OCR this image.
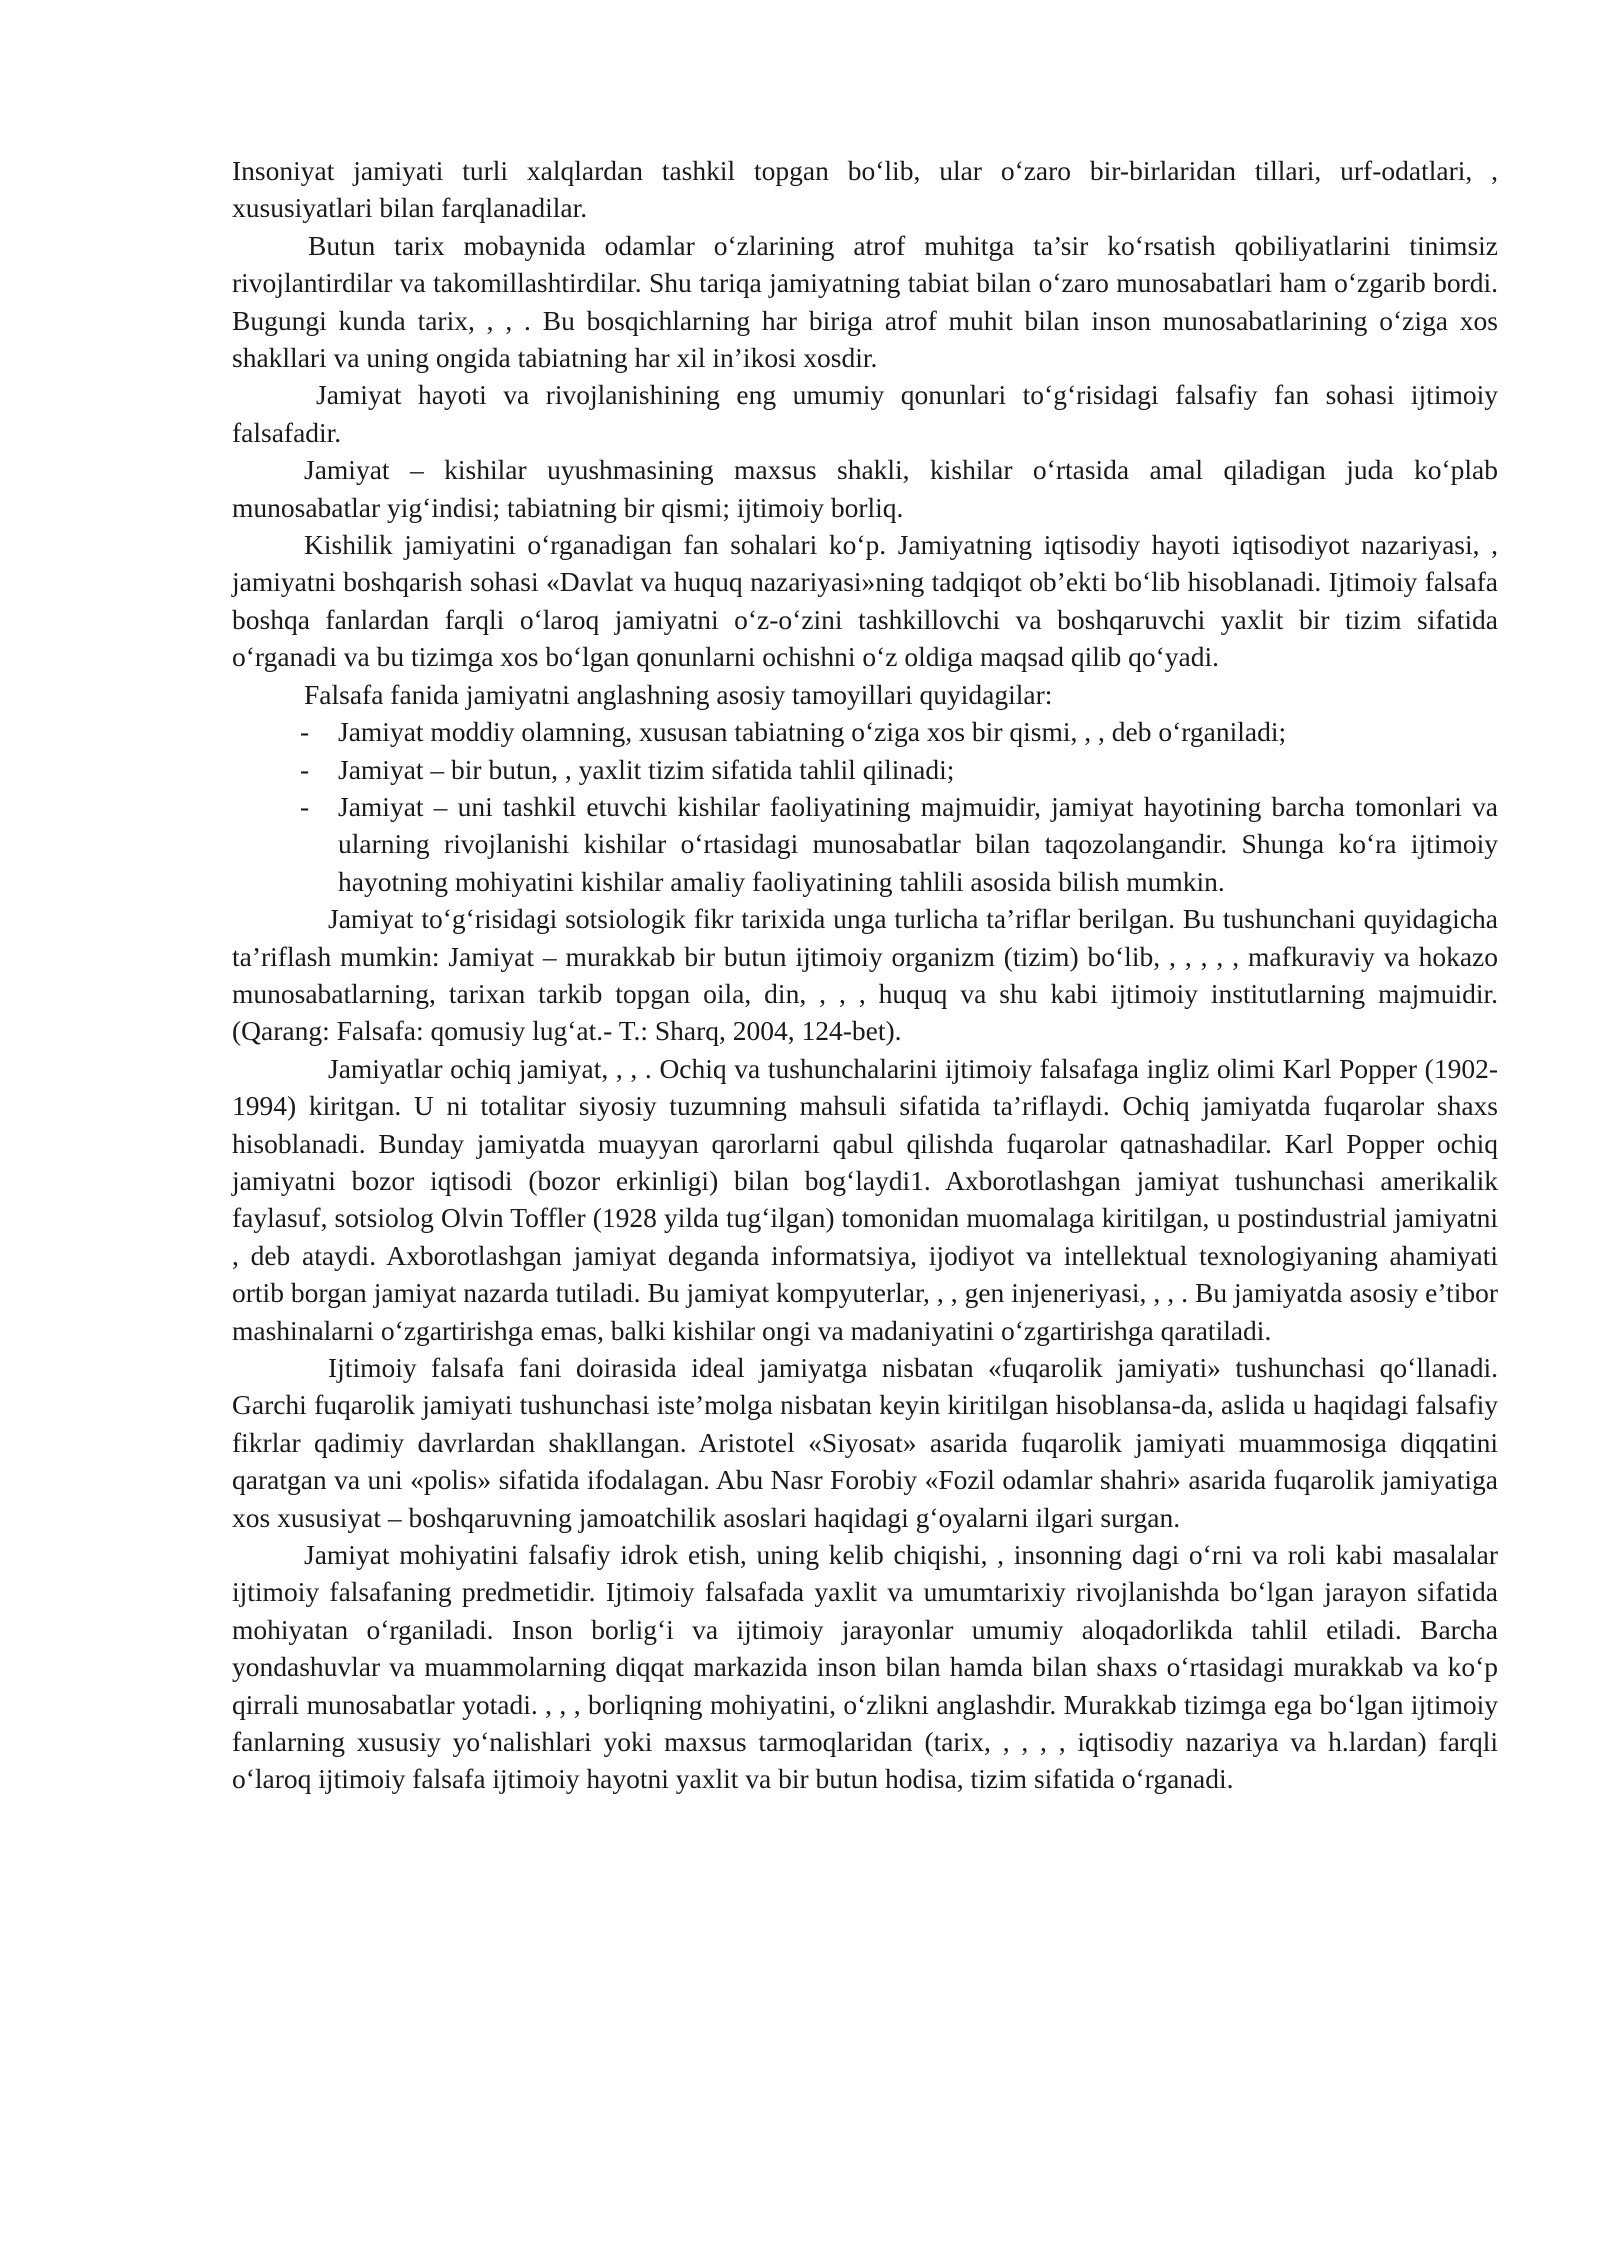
Insoniyat jamiyati turli xalqlardan tashkil topgan bo‘lib, ular o‘zaro bir-birlaridan tillari, urf-odatlari, , xususiyatlari bilan farqlanadilar.

Butun tarix mobaynida odamlar o‘zlarining atrof muhitga ta’sir ko‘rsatish qobiliyatlarini tinimsiz rivojlantirdilar va takomillashtirdilar. Shu tariqa jamiyatning tabiat bilan o‘zaro munosabatlari ham o‘zgarib bordi. Bugungi kunda tarix, , , . Bu bosqichlarning har biriga atrof muhit bilan inson munosabatlarining o‘ziga xos shakllari va uning ongida tabiatning har xil in’ikosi xosdir.

Jamiyat hayoti va rivojlanishining eng umumiy qonunlari to‘g‘risidagi falsafiy fan sohasi ijtimoiy falsafadir.

Jamiyat – kishilar uyushmasining maxsus shakli, kishilar o‘rtasida amal qiladigan juda ko‘plab munosabatlar yig‘indisi; tabiatning bir qismi; ijtimoiy borliq.

Kishilik jamiyatini o‘rganadigan fan sohalari ko‘p. Jamiyatning iqtisodiy hayoti iqtisodiyot nazariyasi, , jamiyatni boshqarish sohasi «Davlat va huquq nazariyasi»ning tadqiqot ob’ekti bo‘lib hisoblanadi. Ijtimoiy falsafa boshqa fanlardan farqli o‘laroq jamiyatni o‘z-o‘zini tashkillovchi va boshqaruvchi yaxlit bir tizim sifatida o‘rganadi va bu tizimga xos bo‘lgan qonunlarni ochishni o‘z oldiga maqsad qilib qo‘yadi.

Falsafa fanida jamiyatni anglashning asosiy tamoyillari quyidagilar:

- Jamiyat moddiy olamning, xususan tabiatning o‘ziga xos bir qismi, , , deb o‘rganiladi;
- Jamiyat – bir butun, , yaxlit tizim sifatida tahlil qilinadi;
- Jamiyat – uni tashkil etuvchi kishilar faoliyatining majmuidir, jamiyat hayotining barcha tomonlari va ularning rivojlanishi kishilar o‘rtasidagi munosabatlar bilan taqozolangandir. Shunga ko‘ra ijtimoiy hayotning mohiyatini kishilar amaliy faoliyatining tahlili asosida bilish mumkin.

Jamiyat to‘g‘risidagi sotsiologik fikr tarixida unga turlicha ta’riflar berilgan. Bu tushunchani quyidagicha ta’riflash mumkin: Jamiyat – murakkab bir butun ijtimoiy organizm (tizim) bo‘lib, , , , , , mafkuraviy va hokazo munosabatlarning, tarixan tarkib topgan oila, din, , , , huquq va shu kabi ijtimoiy institutlarning majmuidir.(Qarang: Falsafa: qomusiy lug‘at.- T.: Sharq, 2004, 124-bet).

Jamiyatlar ochiq jamiyat, , , . Ochiq va tushunchalarini ijtimoiy falsafaga ingliz olimi Karl Popper (1902-1994) kiritgan. U ni totalitar siyosiy tuzumning mahsuli sifatida ta’riflaydi. Ochiq jamiyatda fuqarolar shaxs hisoblanadi. Bunday jamiyatda muayyan qarorlarni qabul qilishda fuqarolar qatnashadilar. Karl Popper ochiq jamiyatni bozor iqtisodi (bozor erkinligi) bilan bog‘laydi1. Axborotlashgan jamiyat tushunchasi amerikalik faylasuf, sotsiolog Olvin Toffler (1928 yilda tug‘ilgan) tomonidan muomalaga kiritilgan, u postindustrial jamiyatni , deb ataydi. Axborotlashgan jamiyat deganda informatsiya, ijodiyot va intellektual texnologiyaning ahamiyati ortib borgan jamiyat nazarda tutiladi. Bu jamiyat kompyuterlar, , , gen injeneriyasi, , , . Bu jamiyatda asosiy e’tibor mashinalarni o‘zgartirishga emas, balki kishilar ongi va madaniyatini o‘zgartirishga qaratiladi.

Ijtimoiy falsafa fani doirasida ideal jamiyatga nisbatan «fuqarolik jamiyati» tushunchasi qo‘llanadi. Garchi fuqarolik jamiyati tushunchasi iste’molga nisbatan keyin kiritilgan hisoblansa-da, aslida u haqidagi falsafiy fikrlar qadimiy davrlardan shakllangan. Aristotel «Siyosat» asarida fuqarolik jamiyati muammosiga diqqatini qaratgan va uni «polis» sifatida ifodalagan. Abu Nasr Forobiy «Fozil odamlar shahri» asarida fuqarolik jamiyatiga xos xususiyat – boshqaruvning jamoatchilik asoslari haqidagi g‘oyalarni ilgari surgan.

Jamiyat mohiyatini falsafiy idrok etish, uning kelib chiqishi, , insonning dagi o‘rni va roli kabi masalalar ijtimoiy falsafaning predmetidir. Ijtimoiy falsafada yaxlit va umumtarixiy rivojlanishda bo‘lgan jarayon sifatida mohiyatan o‘rganiladi. Inson borlig‘i va ijtimoiy jarayonlar umumiy aloqadorlikda tahlil etiladi. Barcha yondashuvlar va muammolarning diqqat markazida inson bilan hamda bilan shaxs o‘rtasidagi murakkab va ko‘p qirrali munosabatlar yotadi. , , , borliqning mohiyatini, o‘zlikni anglashdir. Murakkab tizimga ega bo‘lgan ijtimoiy fanlarning xususiy yo‘nalishlari yoki maxsus tarmoqlaridan (tarix, , , , , iqtisodiy nazariya va h.lardan) farqli o‘laroq ijtimoiy falsafa ijtimoiy hayotni yaxlit va bir butun hodisa, tizim sifatida o‘rganadi.
